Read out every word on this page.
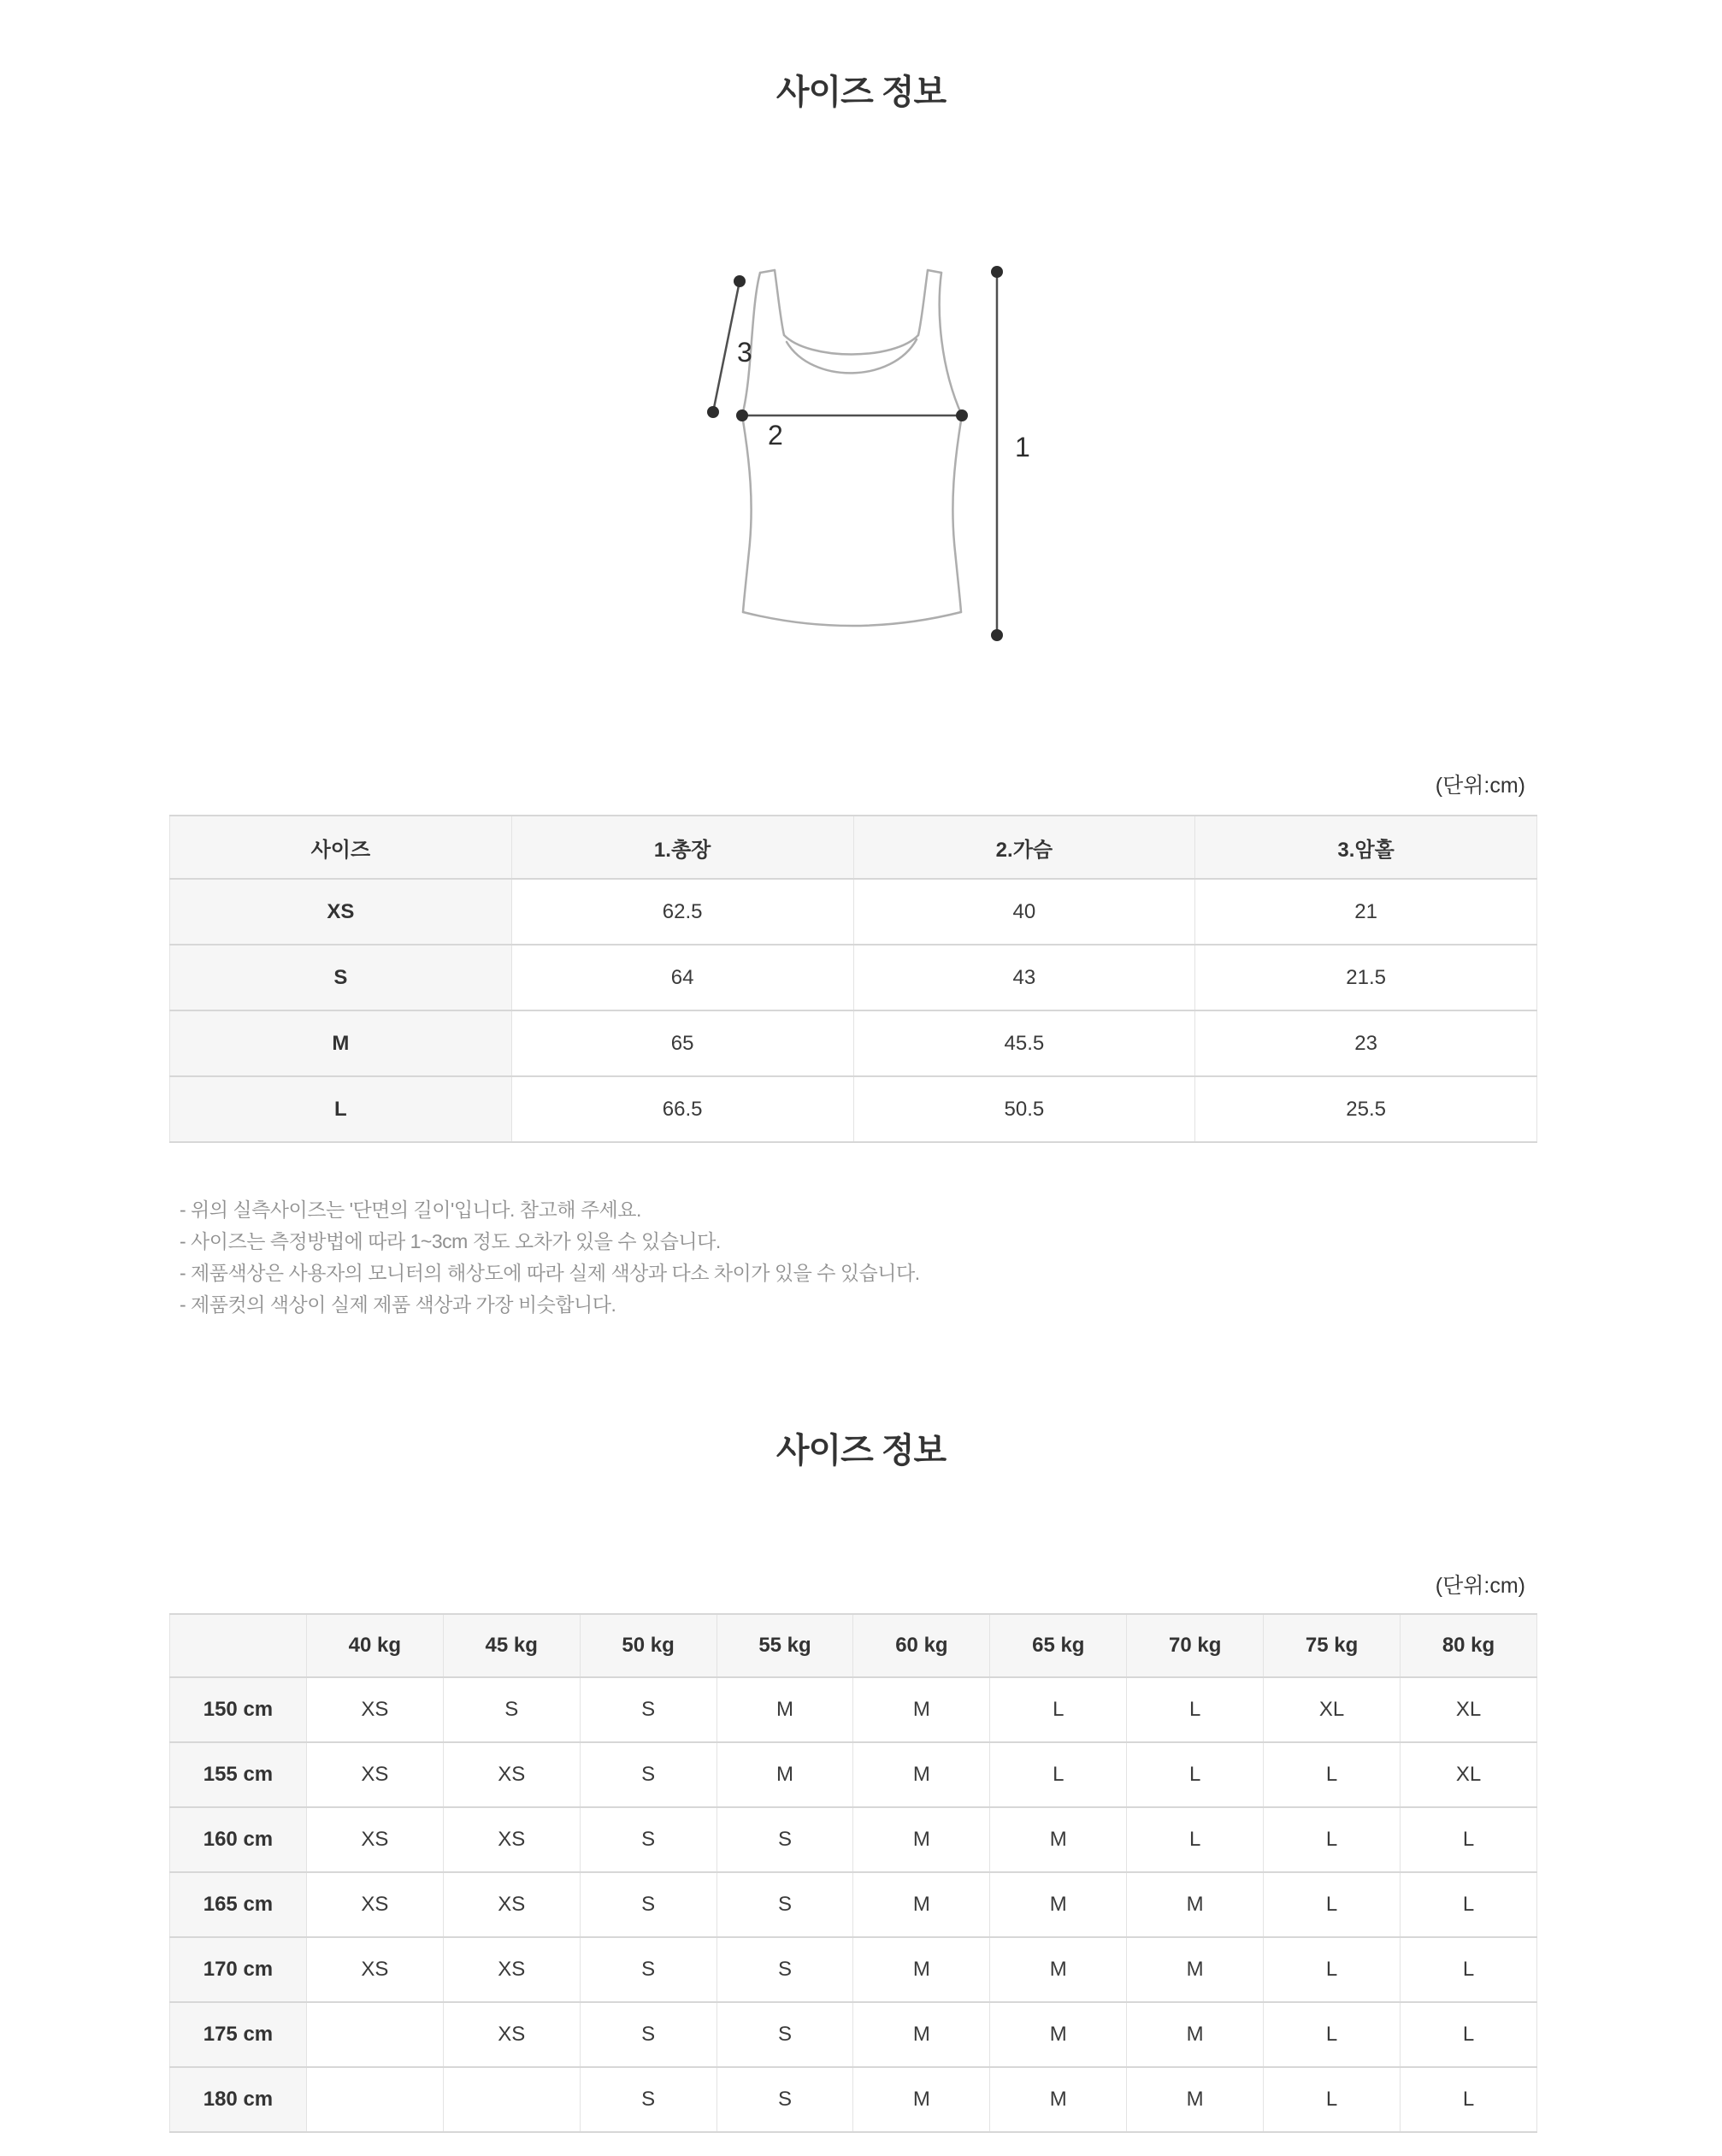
사이즈 정보
3
2	1
(단위:cm)
사이즈	1.총장	2.가슴	3.암홀
XS	62.5	40	21
S	64	43	21.5
M	65	45.5	23
L	66.5	50.5	25.5
- 위의 실측사이즈는 '단면의 길이'입니다. 참고해 주세요.
- 사이즈는 측정방법에 따라 1~3cm 정도 오차가 있을 수 있습니다.
- 제품색상은 사용자의 모니터의 해상도에 따라 실제 색상과 다소 차이가 있을 수 있습니다.
- 제품컷의 색상이 실제 제품 색상과 가장 비슷합니다.
사이즈 정보
(단위:cm)
	40 kg	45 kg	50 kg	55 kg	60 kg	65 kg	70 kg	75 kg	80 kg
150 cm	XS	S	S	M	M	L	L	XL	XL
155 cm	XS	XS	S	M	M	L	L	L	XL
160 cm	XS	XS	S	S	M	M	L	L	L
165 cm	XS	XS	S	S	M	M	M	L	L
170 cm	XS	XS	S	S	M	M	M	L	L
175 cm		XS	S	S	M	M	M	L	L
180 cm			S	S	M	M	M	L	L
